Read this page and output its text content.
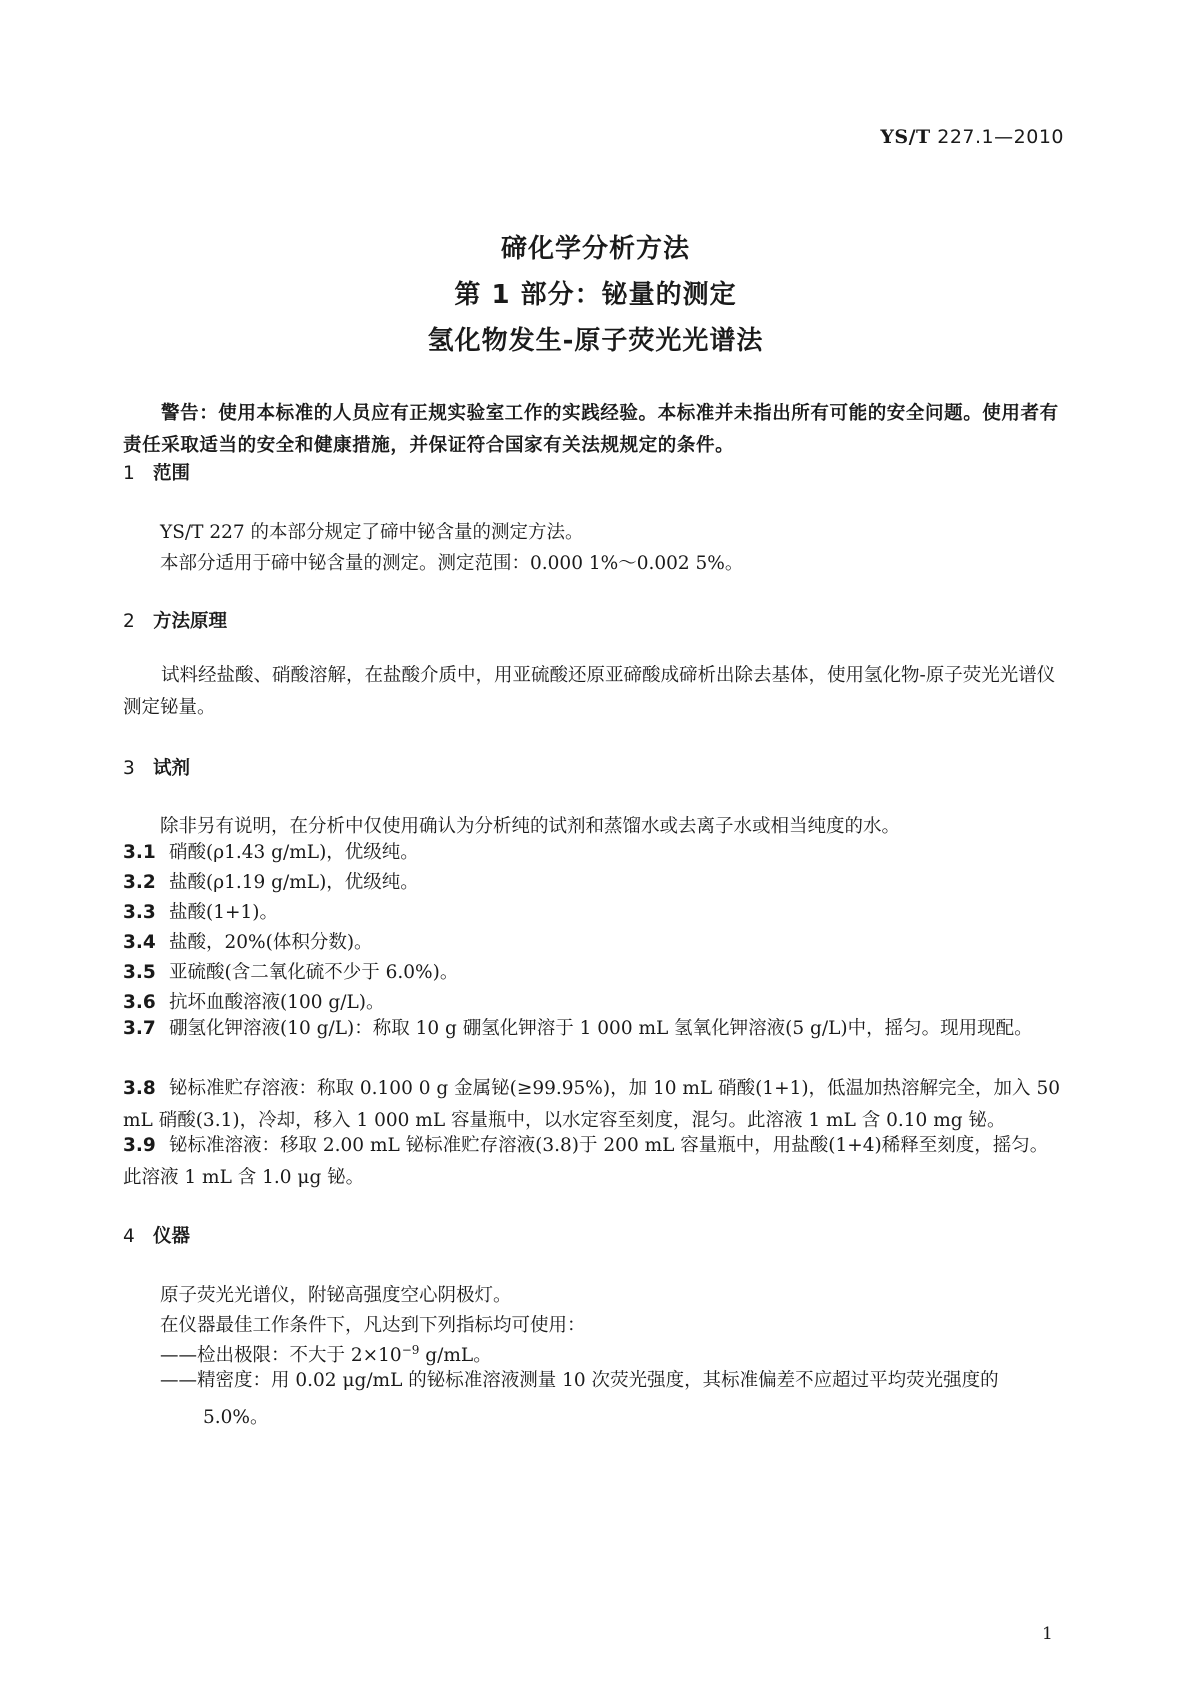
YS/T 227.1—2010
碲化学分析方法
第 1 部分：铋量的测定
氢化物发生-原子荧光光谱法
警告：使用本标准的人员应有正规实验室工作的实践经验。本标准并未指出所有可能的安全问题。使用者有责任采取适当的安全和健康措施，并保证符合国家有关法规规定的条件。
1 范围
YS/T 227 的本部分规定了碲中铋含量的测定方法。
本部分适用于碲中铋含量的测定。测定范围：0.000 1%～0.002 5%。
2 方法原理
试料经盐酸、硝酸溶解，在盐酸介质中，用亚硫酸还原亚碲酸成碲析出除去基体，使用氢化物-原子荧光光谱仪测定铋量。
3 试剂
除非另有说明，在分析中仅使用确认为分析纯的试剂和蒸馏水或去离子水或相当纯度的水。
3.1 硝酸(ρ1.43 g/mL)，优级纯。
3.2 盐酸(ρ1.19 g/mL)，优级纯。
3.3 盐酸(1+1)。
3.4 盐酸，20%(体积分数)。
3.5 亚硫酸(含二氧化硫不少于 6.0%)。
3.6 抗坏血酸溶液(100 g/L)。
3.7 硼氢化钾溶液(10 g/L)：称取 10 g 硼氢化钾溶于 1 000 mL 氢氧化钾溶液(5 g/L)中，摇匀。现用现配。
3.8 铋标准贮存溶液：称取 0.100 0 g 金属铋(≥99.95%)，加 10 mL 硝酸(1+1)，低温加热溶解完全，加入 50 mL 硝酸(3.1)，冷却，移入 1 000 mL 容量瓶中，以水定容至刻度，混匀。此溶液 1 mL 含 0.10 mg 铋。
3.9 铋标准溶液：移取 2.00 mL 铋标准贮存溶液(3.8)于 200 mL 容量瓶中，用盐酸(1+4)稀释至刻度，摇匀。此溶液 1 mL 含 1.0 μg 铋。
4 仪器
原子荧光光谱仪，附铋高强度空心阴极灯。
在仪器最佳工作条件下，凡达到下列指标均可使用：
——检出极限：不大于 $2\times 10^{-9}$ g/mL。
——精密度：用 0.02 μg/mL 的铋标准溶液测量 10 次荧光强度，其标准偏差不应超过平均荧光强度的
5.0%。
1
